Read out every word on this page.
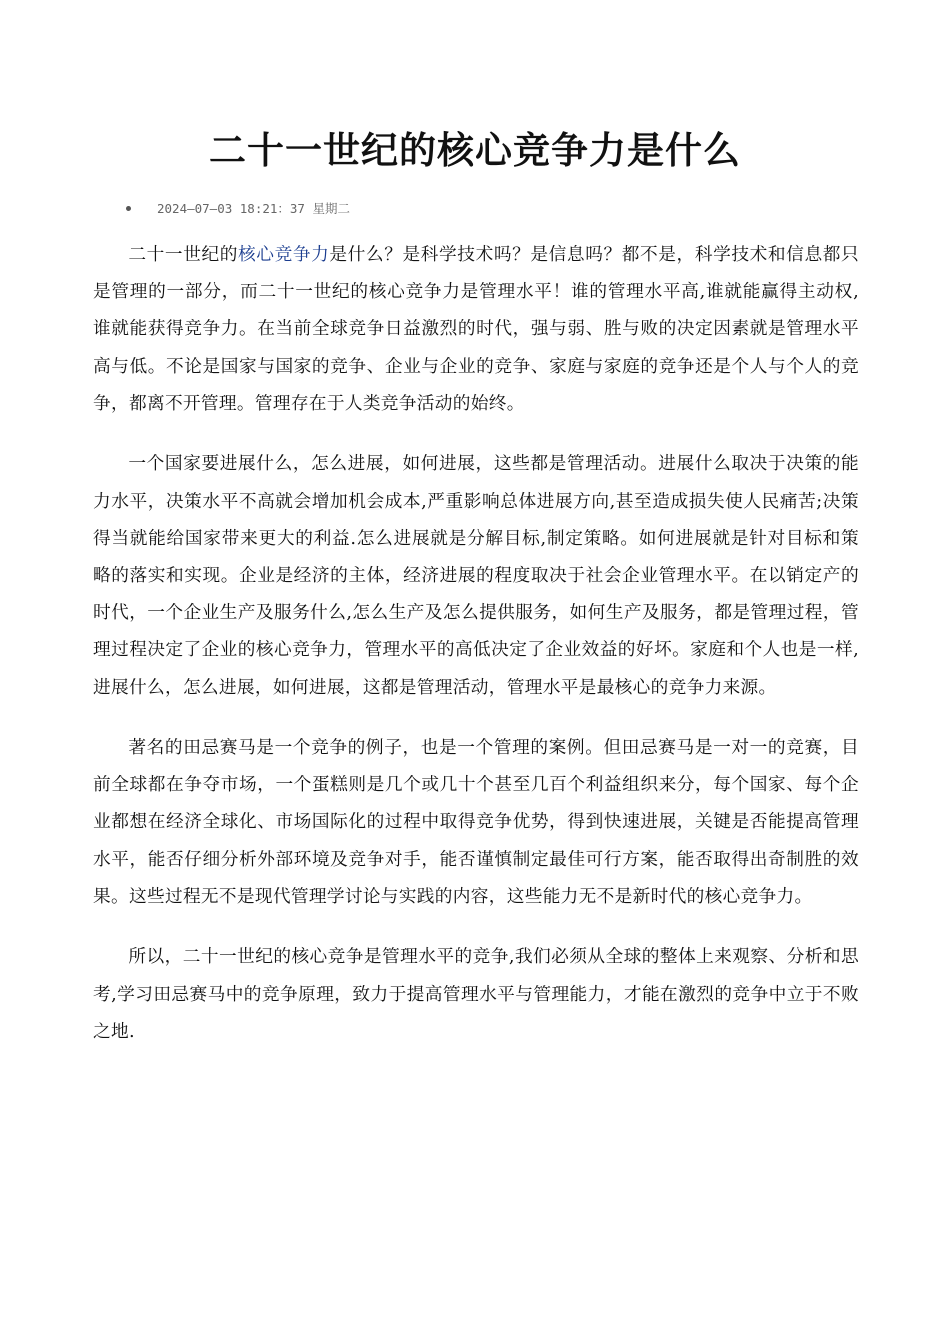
二十一世纪的核心竞争力是什么
2024—07—03 18:21：37 星期二

二十一世纪的核心竞争力是什么？是科学技术吗？是信息吗？都不是，科学技术和信息都只是管理的一部分，而二十一世纪的核心竞争力是管理水平！谁的管理水平高,谁就能赢得主动权,谁就能获得竞争力。在当前全球竞争日益激烈的时代，强与弱、胜与败的决定因素就是管理水平高与低。不论是国家与国家的竞争、企业与企业的竞争、家庭与家庭的竞争还是个人与个人的竞争，都离不开管理。管理存在于人类竞争活动的始终。

一个国家要进展什么，怎么进展，如何进展，这些都是管理活动。进展什么取决于决策的能力水平，决策水平不高就会增加机会成本,严重影响总体进展方向,甚至造成损失使人民痛苦;决策得当就能给国家带来更大的利益.怎么进展就是分解目标,制定策略。如何进展就是针对目标和策略的落实和实现。企业是经济的主体，经济进展的程度取决于社会企业管理水平。在以销定产的时代，一个企业生产及服务什么,怎么生产及怎么提供服务，如何生产及服务，都是管理过程，管理过程决定了企业的核心竞争力，管理水平的高低决定了企业效益的好坏。家庭和个人也是一样,进展什么，怎么进展，如何进展，这都是管理活动，管理水平是最核心的竞争力来源。

著名的田忌赛马是一个竞争的例子，也是一个管理的案例。但田忌赛马是一对一的竞赛，目前全球都在争夺市场，一个蛋糕则是几个或几十个甚至几百个利益组织来分，每个国家、每个企业都想在经济全球化、市场国际化的过程中取得竞争优势，得到快速进展，关键是否能提高管理水平，能否仔细分析外部环境及竞争对手，能否谨慎制定最佳可行方案，能否取得出奇制胜的效果。这些过程无不是现代管理学讨论与实践的内容，这些能力无不是新时代的核心竞争力。

所以，二十一世纪的核心竞争是管理水平的竞争,我们必须从全球的整体上来观察、分析和思考,学习田忌赛马中的竞争原理，致力于提高管理水平与管理能力，才能在激烈的竞争中立于不败之地.
